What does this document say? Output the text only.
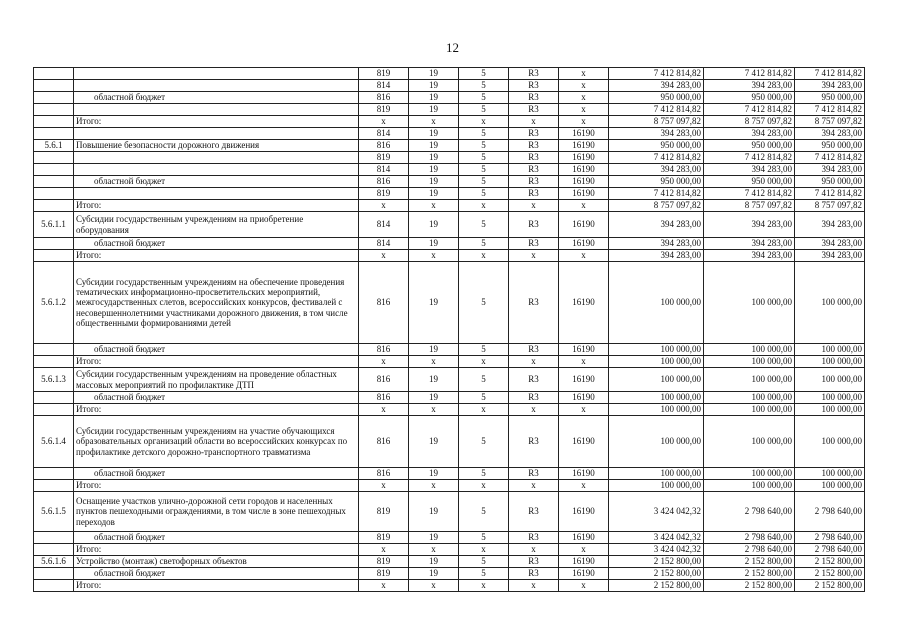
12
		819	19	5	R3	x	7 412 814,82	7 412 814,82	7 412 814,82
		814	19	5	R3	x	394 283,00	394 283,00	394 283,00
	областной бюджет	816	19	5	R3	x	950 000,00	950 000,00	950 000,00
		819	19	5	R3	x	7 412 814,82	7 412 814,82	7 412 814,82
	Итого:	x	x	x	x	x	8 757 097,82	8 757 097,82	8 757 097,82
		814	19	5	R3	16190	394 283,00	394 283,00	394 283,00
5.6.1	Повышение безопасности дорожного движения	816	19	5	R3	16190	950 000,00	950 000,00	950 000,00
		819	19	5	R3	16190	7 412 814,82	7 412 814,82	7 412 814,82
		814	19	5	R3	16190	394 283,00	394 283,00	394 283,00
	областной бюджет	816	19	5	R3	16190	950 000,00	950 000,00	950 000,00
		819	19	5	R3	16190	7 412 814,82	7 412 814,82	7 412 814,82
	Итого:	x	x	x	x	x	8 757 097,82	8 757 097,82	8 757 097,82
5.6.1.1	Субсидии государственным учреждениям на приобретение оборудования	814	19	5	R3	16190	394 283,00	394 283,00	394 283,00
	областной бюджет	814	19	5	R3	16190	394 283,00	394 283,00	394 283,00
	Итого:	x	x	x	x	x	394 283,00	394 283,00	394 283,00
5.6.1.2	Субсидии государственным учреждениям на обеспечение проведения тематических информационно-просветительских мероприятий, межгосударственных слетов, всероссийских конкурсов, фестивалей с несовершеннолетними участниками дорожного движения, в том числе общественными формированиями детей	816	19	5	R3	16190	100 000,00	100 000,00	100 000,00
	областной бюджет	816	19	5	R3	16190	100 000,00	100 000,00	100 000,00
	Итого:	x	x	x	x	x	100 000,00	100 000,00	100 000,00
5.6.1.3	Субсидии государственным учреждениям на проведение областных массовых мероприятий по профилактике ДТП	816	19	5	R3	16190	100 000,00	100 000,00	100 000,00
	областной бюджет	816	19	5	R3	16190	100 000,00	100 000,00	100 000,00
	Итого:	x	x	x	x	x	100 000,00	100 000,00	100 000,00
5.6.1.4	Субсидии государственным учреждениям на участие обучающихся образовательных организаций области во всероссийских конкурсах по профилактике детского дорожно-транспортного травматизма	816	19	5	R3	16190	100 000,00	100 000,00	100 000,00
	областной бюджет	816	19	5	R3	16190	100 000,00	100 000,00	100 000,00
	Итого:	x	x	x	x	x	100 000,00	100 000,00	100 000,00
5.6.1.5	Оснащение участков улично-дорожной сети городов и населенных пунктов пешеходными ограждениями, в том числе в зоне пешеходных переходов	819	19	5	R3	16190	3 424 042,32	2 798 640,00	2 798 640,00
	областной бюджет	819	19	5	R3	16190	3 424 042,32	2 798 640,00	2 798 640,00
	Итого:	x	x	x	x	x	3 424 042,32	2 798 640,00	2 798 640,00
5.6.1.6	Устройство (монтаж) светофорных объектов	819	19	5	R3	16190	2 152 800,00	2 152 800,00	2 152 800,00
	областной бюджет	819	19	5	R3	16190	2 152 800,00	2 152 800,00	2 152 800,00
	Итого:	x	x	x	x	x	2 152 800,00	2 152 800,00	2 152 800,00
